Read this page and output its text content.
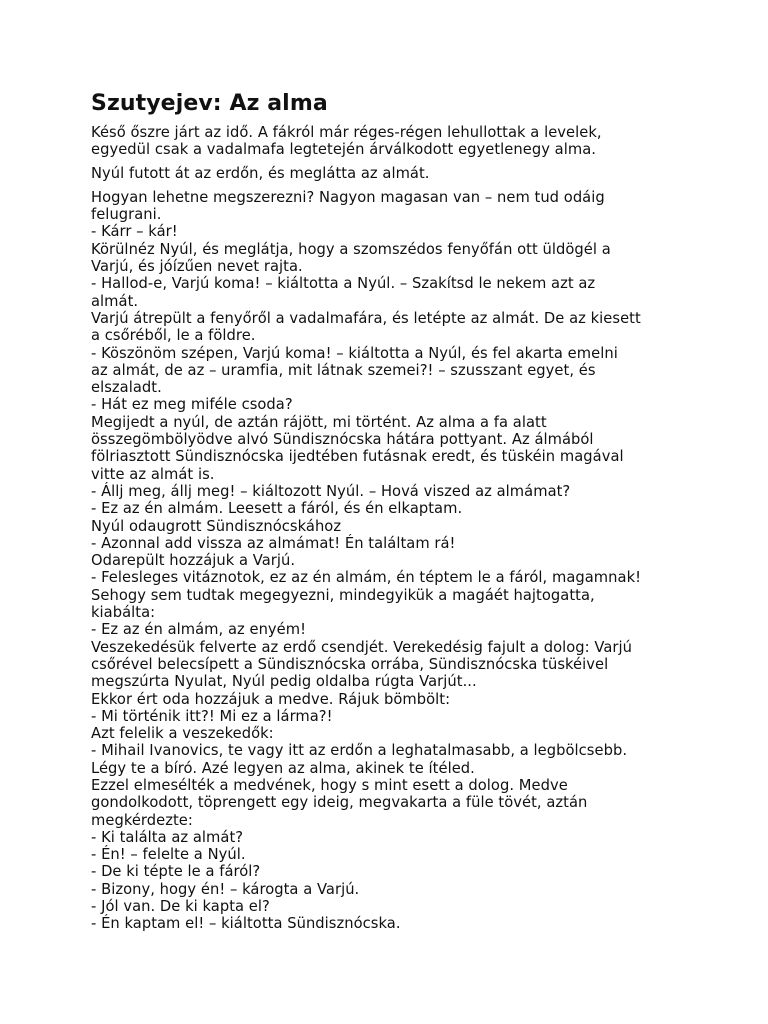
Szutyejev: Az alma

Késő őszre járt az idő. A fákról már réges-régen lehullottak a levelek,
egyedül csak a vadalmafa legtetején árválkodott egyetlenegy alma.

Nyúl futott át az erdőn, és meglátta az almát.

Hogyan lehetne megszerezni? Nagyon magasan van – nem tud odáig
felugrani.
- Kárr – kár!
Körülnéz Nyúl, és meglátja, hogy a szomszédos fenyőfán ott üldögél a
Varjú, és jóízűen nevet rajta.
- Hallod-e, Varjú koma! – kiáltotta a Nyúl. – Szakítsd le nekem azt az
almát.
Varjú átrepült a fenyőről a vadalmafára, és letépte az almát. De az kiesett
a csőréből, le a földre.
- Köszönöm szépen, Varjú koma! – kiáltotta a Nyúl, és fel akarta emelni
az almát, de az – uramfia, mit látnak szemei?! – szusszant egyet, és
elszaladt.
- Hát ez meg miféle csoda?
Megijedt a nyúl, de aztán rájött, mi történt. Az alma a fa alatt
összegömbölyödve alvó Sündisznócska hátára pottyant. Az álmából
fölriasztott Sündisznócska ijedtében futásnak eredt, és tüskéin magával
vitte az almát is.
- Állj meg, állj meg! – kiáltozott Nyúl. – Hová viszed az almámat?
- Ez az én almám. Leesett a fáról, és én elkaptam.
Nyúl odaugrott Sündisznócskához
- Azonnal add vissza az almámat! Én találtam rá!
Odarepült hozzájuk a Varjú.
- Felesleges vitáznotok, ez az én almám, én téptem le a fáról, magamnak!
Sehogy sem tudtak megegyezni, mindegyikük a magáét hajtogatta,
kiabálta:
- Ez az én almám, az enyém!
Veszekedésük felverte az erdő csendjét. Verekedésig fajult a dolog: Varjú
csőrével belecsípett a Sündisznócska orrába, Sündisznócska tüskéivel
megszúrta Nyulat, Nyúl pedig oldalba rúgta Varjút...
Ekkor ért oda hozzájuk a medve. Rájuk bömbölt:
- Mi történik itt?! Mi ez a lárma?!
Azt felelik a veszekedők:
- Mihail Ivanovics, te vagy itt az erdőn a leghatalmasabb, a legbölcsebb.
Légy te a bíró. Azé legyen az alma, akinek te ítéled.
Ezzel elmesélték a medvének, hogy s mint esett a dolog. Medve
gondolkodott, töprengett egy ideig, megvakarta a füle tövét, aztán
megkérdezte:
- Ki találta az almát?
- Én! – felelte a Nyúl.
- De ki tépte le a fáról?
- Bizony, hogy én! – károgta a Varjú.
- Jól van. De ki kapta el?
- Én kaptam el! – kiáltotta Sündisznócska.
